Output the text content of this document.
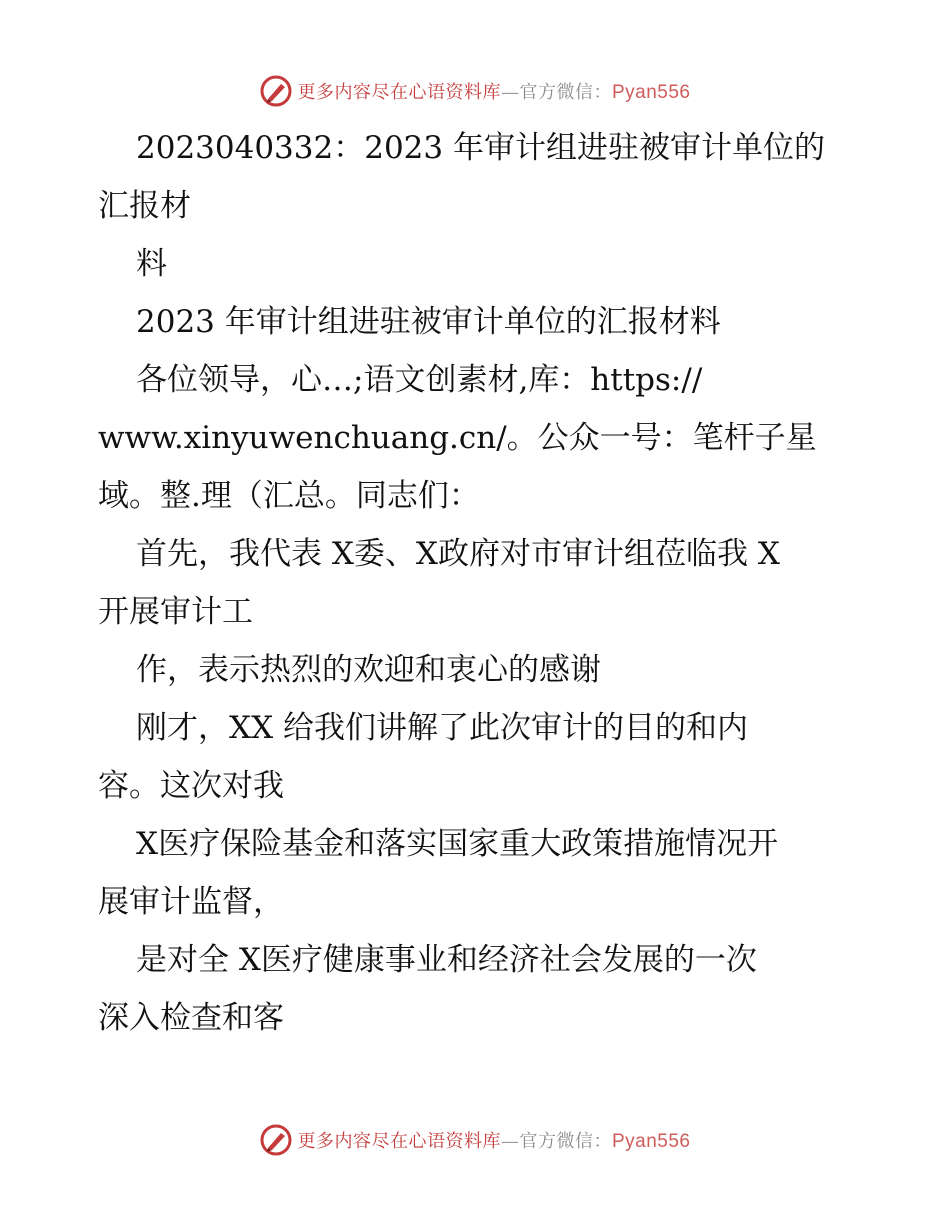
更多内容尽在心语资料库—官方微信：Pyan556
2023040332：2023 年审计组进驻被审计单位的
汇报材
料
2023 年审计组进驻被审计单位的汇报材料
各位领导，心…;语文创素材,库：https://
www.xinyuwenchuang.cn/。公众一号：笔杆子星
域。整.理（汇总。同志们：
首先，我代表 X委、X政府对市审计组莅临我 X
开展审计工
作，表示热烈的欢迎和衷心的感谢
刚才，XX 给我们讲解了此次审计的目的和内
容。这次对我
X医疗保险基金和落实国家重大政策措施情况开
展审计监督，
是对全 X医疗健康事业和经济社会发展的一次
深入检查和客
更多内容尽在心语资料库—官方微信：Pyan556
